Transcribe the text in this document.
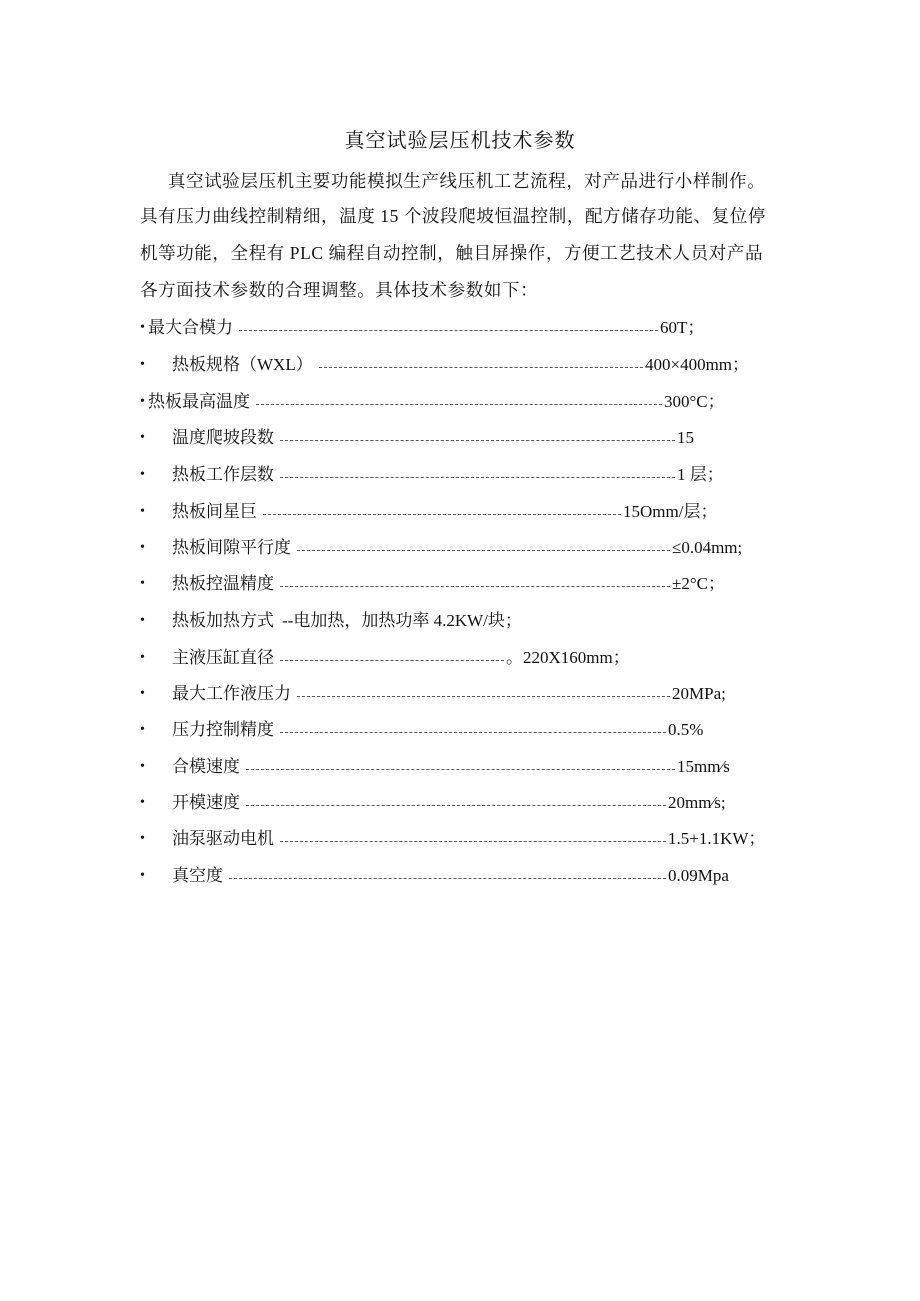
真空试验层压机技术参数
真空试验层压机主要功能模拟生产线压机工艺流程，对产品进行小样制作。
具有压力曲线控制精细，温度 15 个波段爬坡恒温控制，配方储存功能、复位停
机等功能，全程有 PLC 编程自动控制，触目屏操作，方便工艺技术人员对产品
各方面技术参数的合理调整。具体技术参数如下：
• 最大合模力	60T；
• 热板规格（WXL）	400×400mm；
• 热板最高温度	300°C；
• 温度爬坡段数	15
• 热板工作层数	1 层；
• 热板间星巨	15Omm/层；
• 热板间隙平行度	≤0.04mm;
• 热板控温精度	±2°C；
• 热板加热方式 --电加热，加热功率 4.2KW/块；
• 主液压缸直径	。220X160mm；
• 最大工作液压力	20MPa;
• 压力控制精度	0.5%
• 合模速度	15mm∕s
• 开模速度	20mm∕s;
• 油泵驱动电机	1.5+1.1KW；
• 真空度	0.09Mpa
